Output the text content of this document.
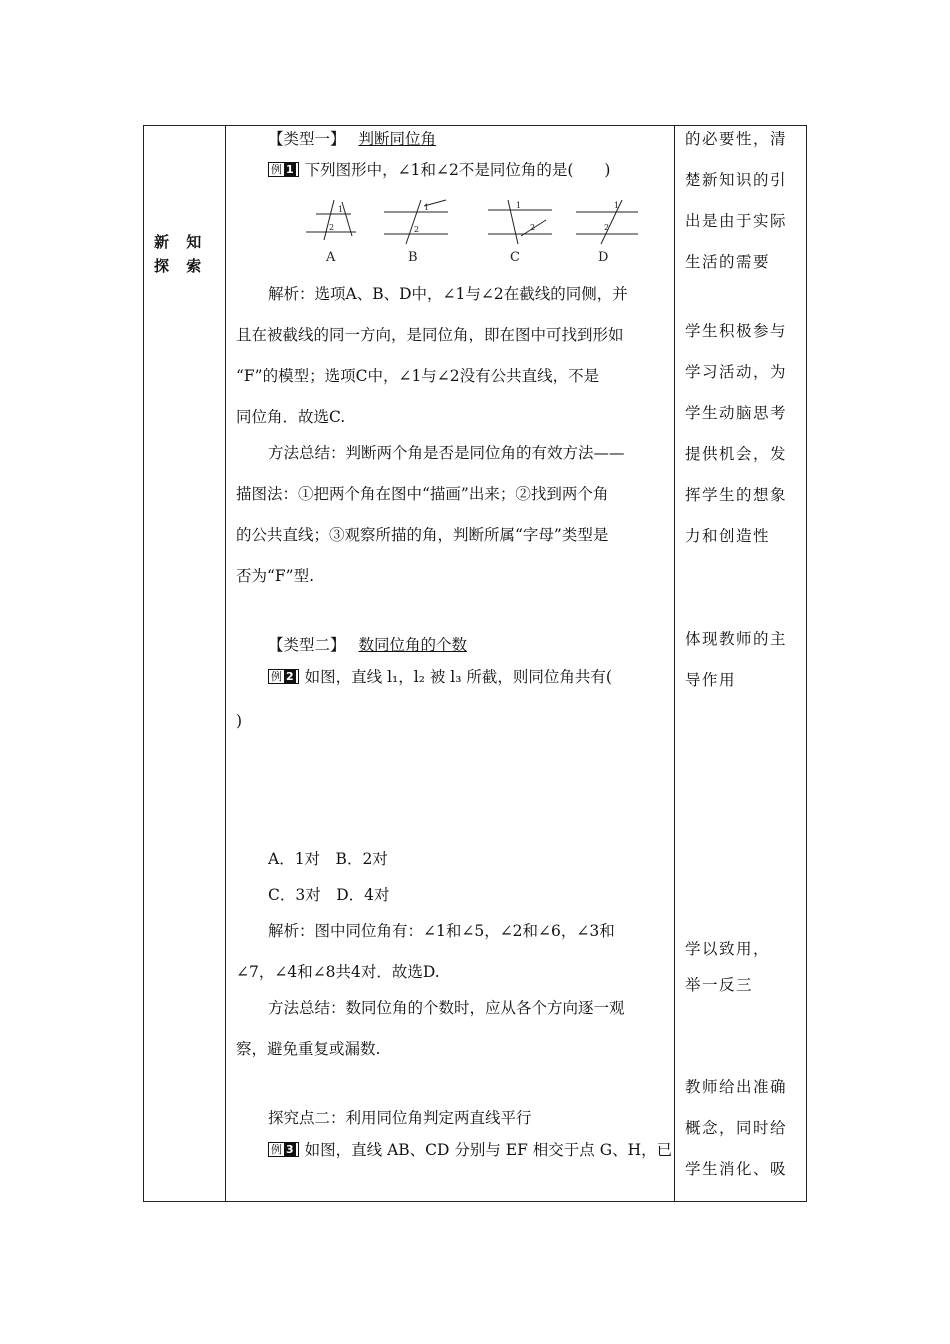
新 知 探 索
【类型一】 判断同位角
例 1 下列图形中，∠1和∠2不是同位角的是(　　)
1
2
1
2
1
2
1
2
A	B	C	D
解析：选项A、B、D中，∠1与∠2在截线的同侧，并
且在被截线的同一方向，是同位角，即在图中可找到形如
“F”的模型；选项C中，∠1与∠2没有公共直线，不是
同位角．故选C.
方法总结：判断两个角是否是同位角的有效方法——
描图法：①把两个角在图中“描画”出来；②找到两个角
的公共直线；③观察所描的角，判断所属“字母”类型是
否为“F”型.
【类型二】 数同位角的个数
例 2 如图，直线 l₁，l₂ 被 l₃ 所截，则同位角共有(
)
A．1对　B．2对
C．3对　D．4对
解析：图中同位角有：∠1和∠5，∠2和∠6，∠3和
∠7，∠4和∠8共4对．故选D.
方法总结：数同位角的个数时，应从各个方向逐一观
察，避免重复或漏数.
探究点二：利用同位角判定两直线平行
例 3 如图，直线 AB、CD 分别与 EF 相交于点 G、H，已
的必要性，清
楚新知识的引
出是由于实际
生活的需要
学生积极参与
学习活动，为
学生动脑思考
提供机会，发
挥学生的想象
力和创造性
体现教师的主
导作用
学以致用，
举一反三
教师给出准确
概念，同时给
学生消化、吸
